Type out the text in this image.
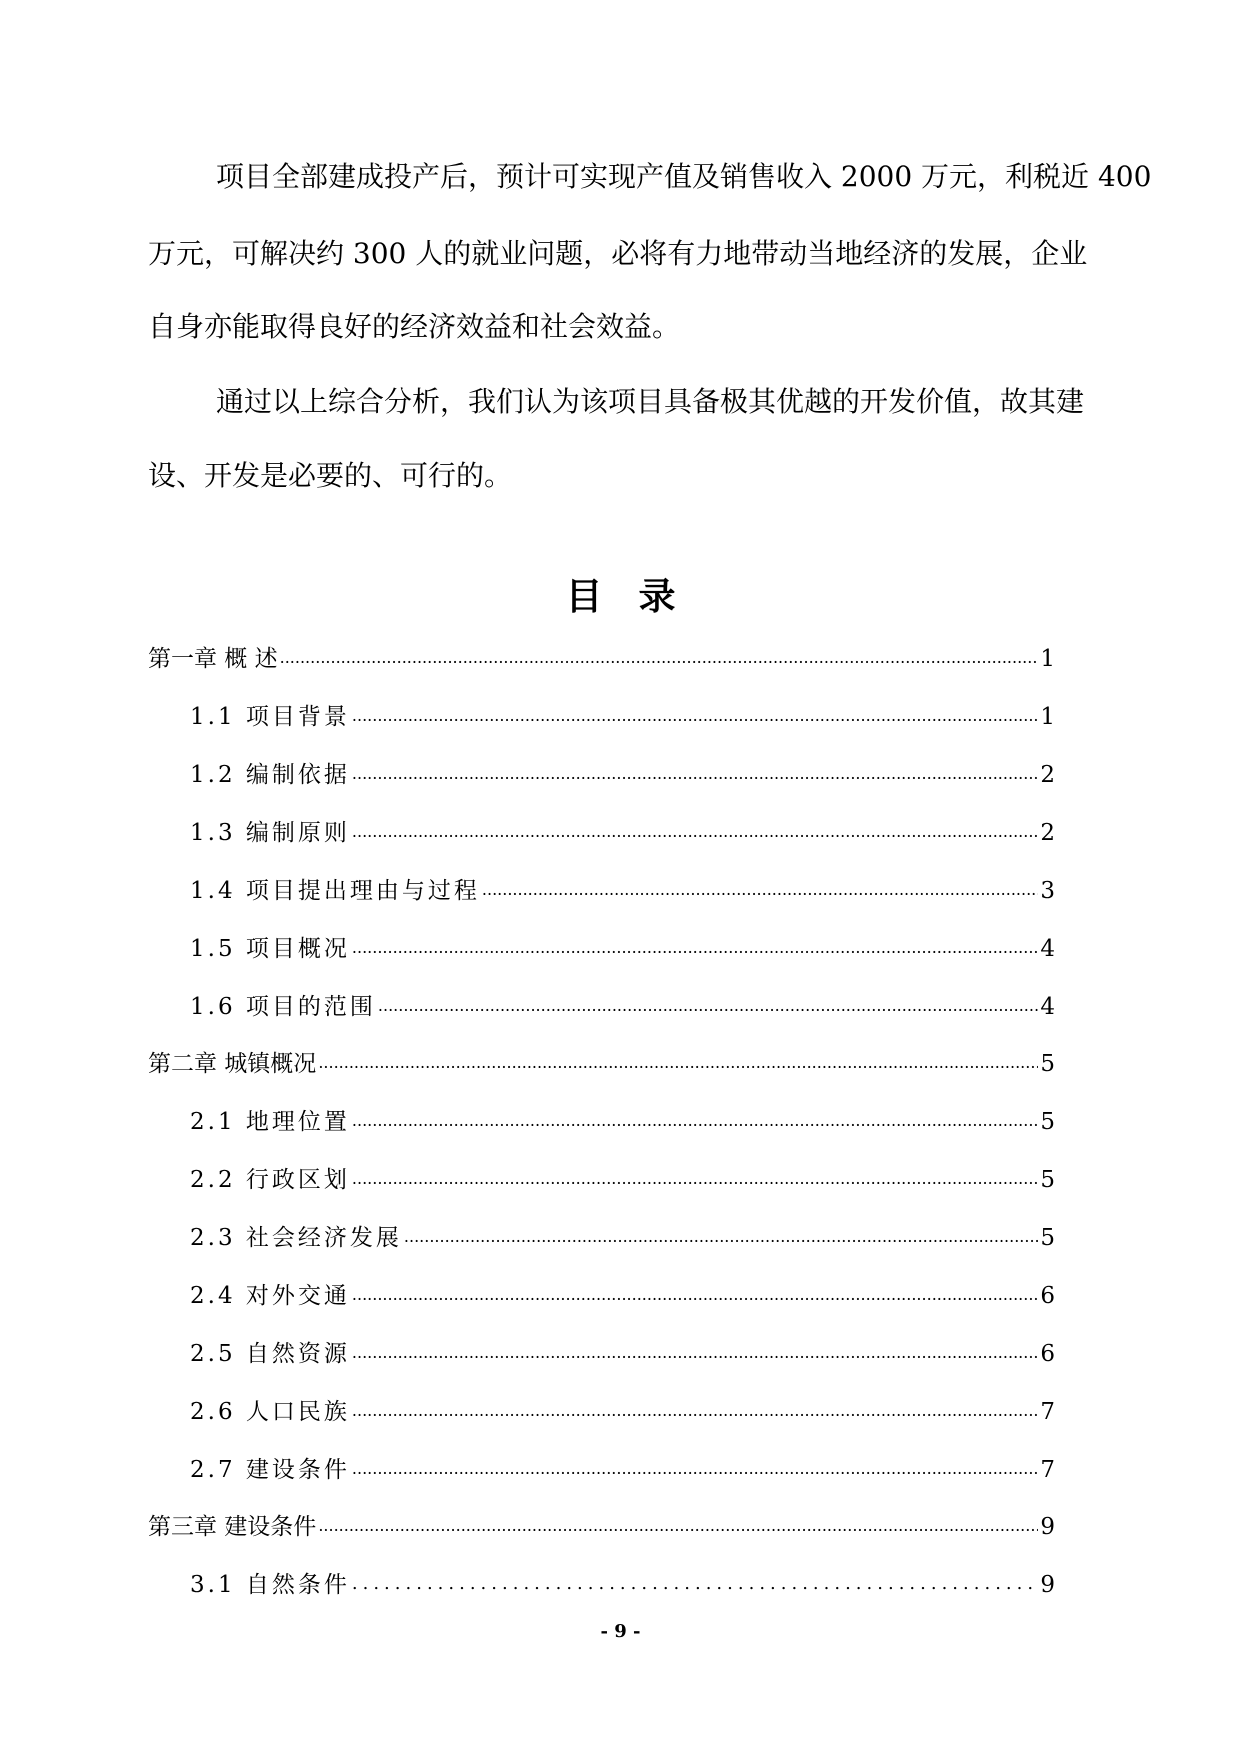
项目全部建成投产后，预计可实现产值及销售收入 2000 万元，利税近 400
万元，可解决约 300 人的就业问题，必将有力地带动当地经济的发展，企业
自身亦能取得良好的经济效益和社会效益。
通过以上综合分析，我们认为该项目具备极其优越的开发价值，故其建
设、开发是必要的、可行的。
目录
第一章 概 述 .....	1
1.1 项目背景 .....	1
1.2 编制依据 .....	2
1.3 编制原则 .....	2
1.4 项目提出理由与过程 .....	3
1.5 项目概况 .....	4
1.6 项目的范围 .....	4
第二章 城镇概况 .....	5
2.1 地理位置 .....	5
2.2 行政区划 .....	5
2.3 社会经济发展 .....	5
2.4 对外交通 .....	6
2.5 自然资源 .....	6
2.6 人口民族 .....	7
2.7 建设条件 .....	7
第三章 建设条件 .....	9
3.1 自然条件 .....	9
- 9 -
